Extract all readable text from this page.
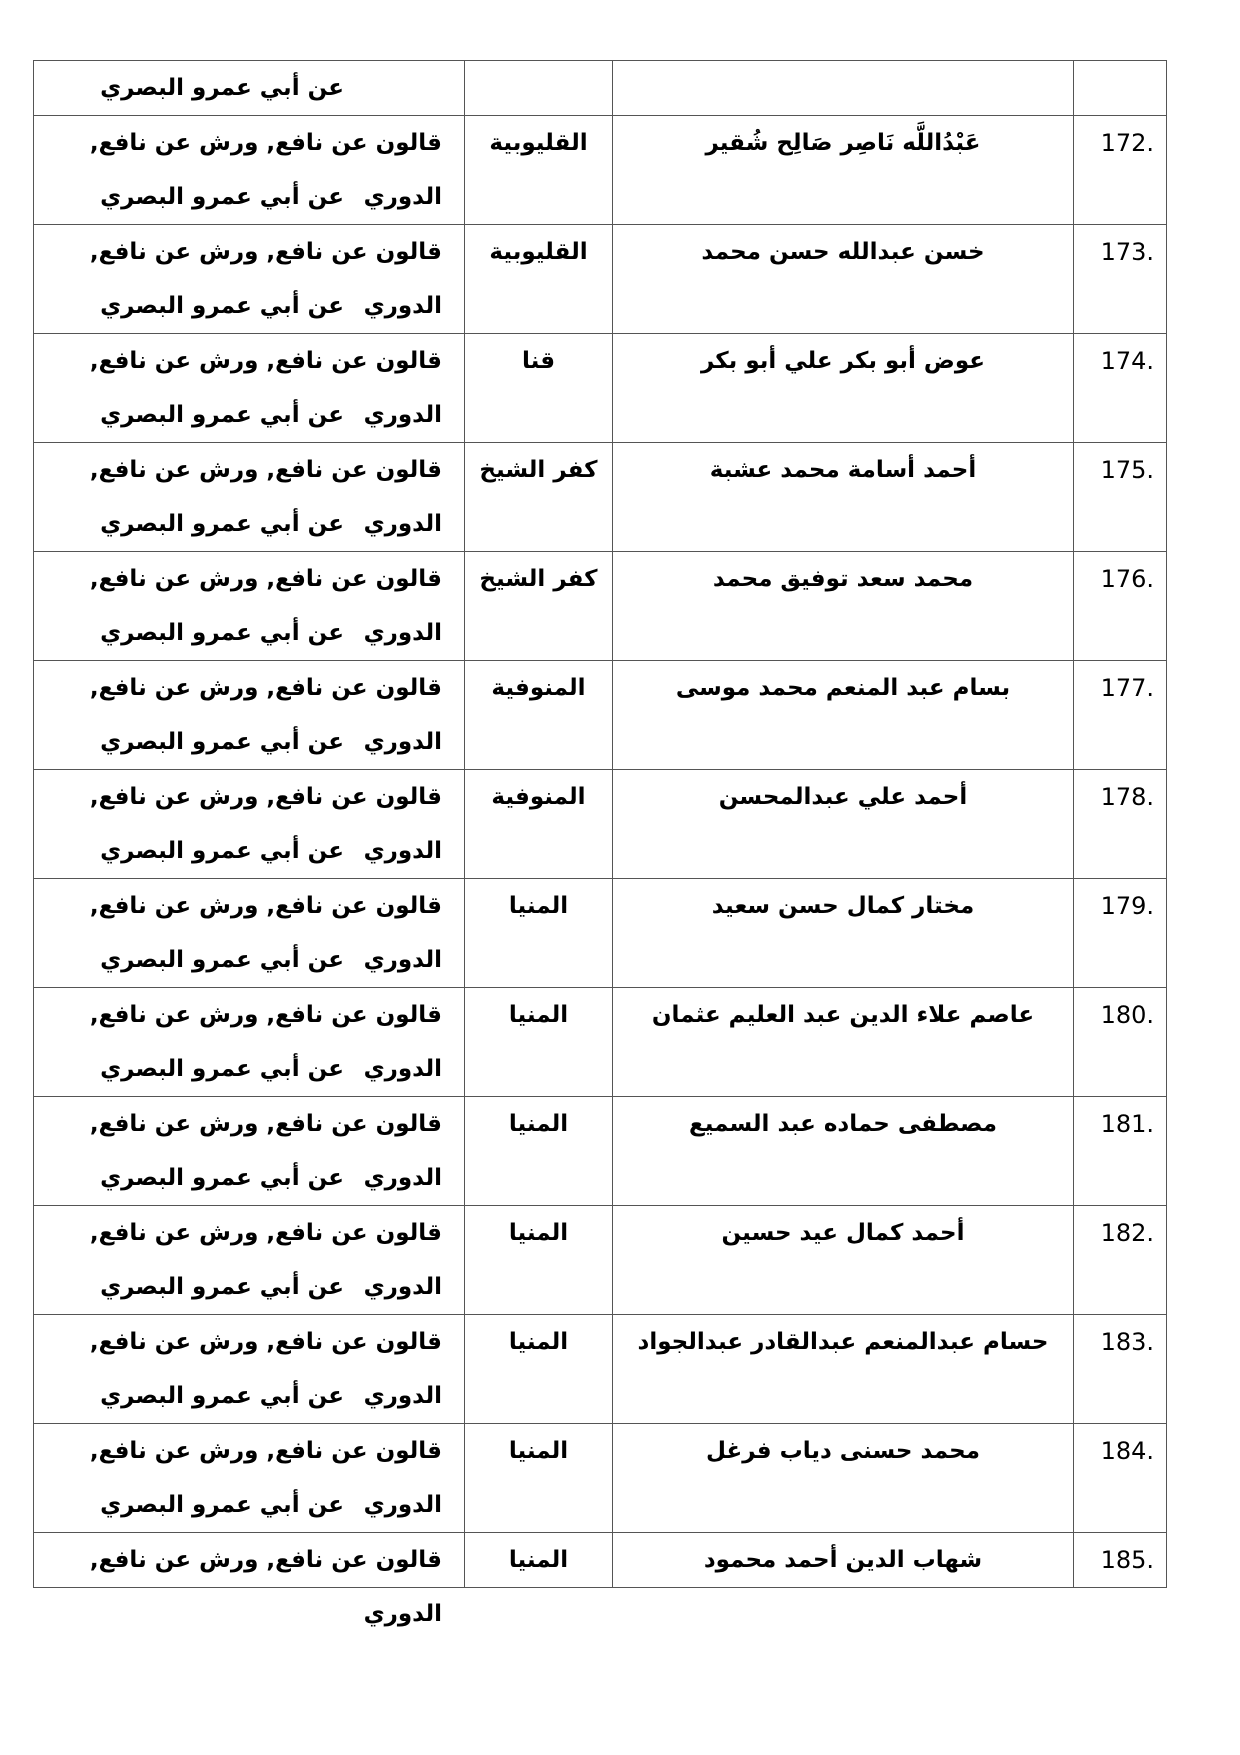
			عن أبي عمرو البصري

172.	عَبْدُاللَّه نَاصِر صَالِح شُقير	القليوبية	قالون عن نافع, ورش عن نافع, الدوري
عن أبي عمرو البصري

173.	خسن عبدالله حسن محمد	القليوبية	قالون عن نافع, ورش عن نافع, الدوري
عن أبي عمرو البصري

174.	عوض أبو بكر علي أبو بكر	قنا	قالون عن نافع, ورش عن نافع, الدوري
عن أبي عمرو البصري

175.	أحمد أسامة محمد عشبة	كفر الشيخ	قالون عن نافع, ورش عن نافع, الدوري
عن أبي عمرو البصري

176.	محمد سعد توفيق محمد	كفر الشيخ	قالون عن نافع, ورش عن نافع, الدوري
عن أبي عمرو البصري

177.	بسام عبد المنعم محمد موسى	المنوفية	قالون عن نافع, ورش عن نافع, الدوري
عن أبي عمرو البصري

178.	أحمد علي عبدالمحسن	المنوفية	قالون عن نافع, ورش عن نافع, الدوري
عن أبي عمرو البصري

179.	مختار كمال حسن سعيد	المنيا	قالون عن نافع, ورش عن نافع, الدوري
عن أبي عمرو البصري

180.	عاصم علاء الدين عبد العليم عثمان	المنيا	قالون عن نافع, ورش عن نافع, الدوري
عن أبي عمرو البصري

181.	مصطفى حماده عبد السميع	المنيا	قالون عن نافع, ورش عن نافع, الدوري
عن أبي عمرو البصري

182.	أحمد كمال عيد حسين	المنيا	قالون عن نافع, ورش عن نافع, الدوري
عن أبي عمرو البصري

183.	حسام عبدالمنعم عبدالقادر عبدالجواد	المنيا	قالون عن نافع, ورش عن نافع, الدوري
عن أبي عمرو البصري

184.	محمد حسنى دياب فرغل	المنيا	قالون عن نافع, ورش عن نافع, الدوري
عن أبي عمرو البصري

185.	شهاب الدين أحمد محمود	المنيا	قالون عن نافع, ورش عن نافع, الدوري
